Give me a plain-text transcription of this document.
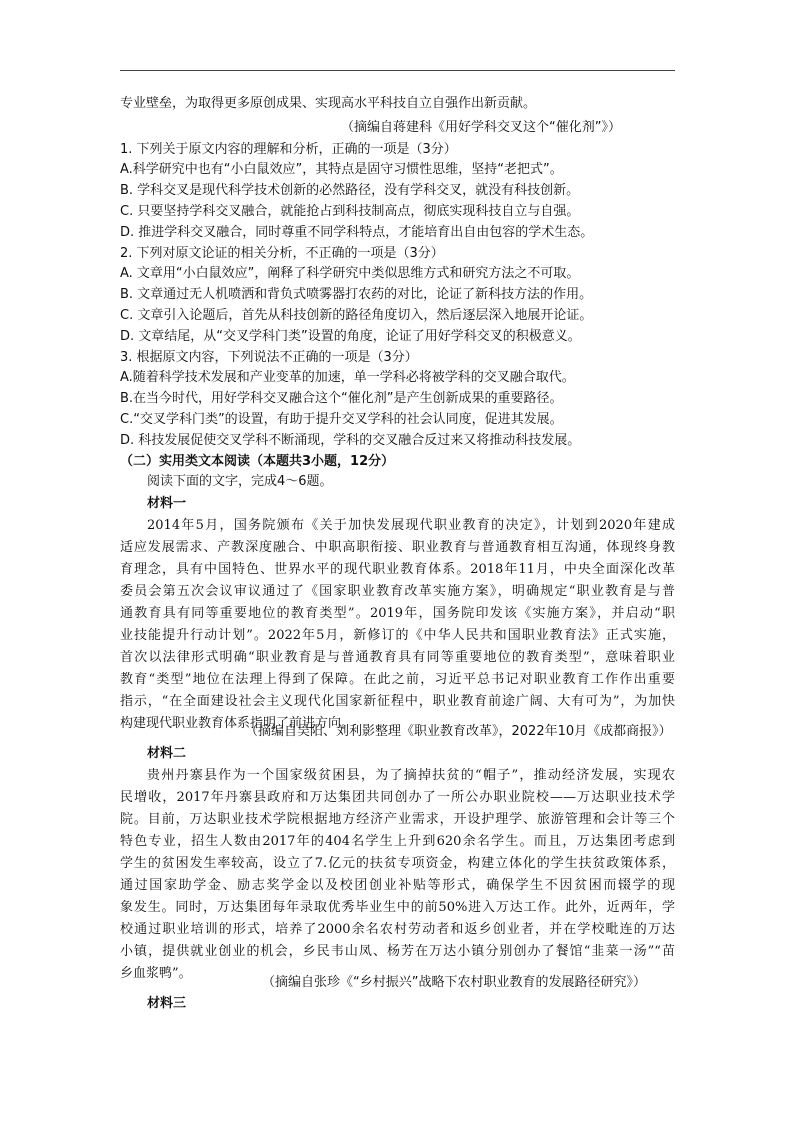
专业壁垒，为取得更多原创成果、实现高水平科技自立自强作出新贡献。
（摘编自蒋建科《用好学科交叉这个“催化剂”》）
1. 下列关于原文内容的理解和分析，正确的一项是（3分）
A.科学研究中也有“小白鼠效应”，其特点是固守习惯性思维，坚持“老把式”。
B. 学科交叉是现代科学技术创新的必然路径，没有学科交叉，就没有科技创新。
C. 只要坚持学科交叉融合，就能抢占到科技制高点，彻底实现科技自立与自强。
D. 推进学科交叉融合，同时尊重不同学科特点，才能培育出自由包容的学术生态。
2. 下列对原文论证的相关分析，不正确的一项是（3分）
A. 文章用“小白鼠效应”，阐释了科学研究中类似思维方式和研究方法之不可取。
B. 文章通过无人机喷洒和背负式喷雾器打农药的对比，论证了新科技方法的作用。
C. 文章引入论题后，首先从科技创新的路径角度切入，然后逐层深入地展开论证。
D. 文章结尾，从“交叉学科门类”设置的角度，论证了用好学科交叉的积极意义。
3. 根据原文内容，下列说法不正确的一项是（3分）
A.随着科学技术发展和产业变革的加速，单一学科必将被学科的交叉融合取代。
B.在当今时代，用好学科交叉融合这个“催化剂”是产生创新成果的重要路径。
C.“交叉学科门类”的设置，有助于提升交叉学科的社会认同度，促进其发展。
D. 科技发展促使交叉学科不断涌现，学科的交叉融合反过来又将推动科技发展。
（二）实用类文本阅读（本题共3小题，12分）
阅读下面的文字，完成4～6题。
材料一
2014年5月，国务院颁布《关于加快发展现代职业教育的决定》，计划到2020年建成
适应发展需求、产教深度融合、中职高职衔接、职业教育与普通教育相互沟通，体现终身教
育理念，具有中国特色、世界水平的现代职业教育体系。2018年11月，中央全面深化改革
委员会第五次会议审议通过了《国家职业教育改革实施方案》，明确规定“职业教育是与普
通教育具有同等重要地位的教育类型”。2019年，国务院印发该《实施方案》，并启动“职
业技能提升行动计划”。2022年5月，新修订的《中华人民共和国职业教育法》正式实施，
首次以法律形式明确“职业教育是与普通教育具有同等重要地位的教育类型”，意味着职业
教育“类型”地位在法理上得到了保障。在此之前，习近平总书记对职业教育工作作出重要
指示，“在全面建设社会主义现代化国家新征程中，职业教育前途广阔、大有可为”，为加快
构建现代职业教育体系指明了前进方向。
（摘编自吴阳、刘利影整理《职业教育改革》，2022年10月《成都商报》）
材料二
贵州丹寨县作为一个国家级贫困县，为了摘掉扶贫的“帽子”，推动经济发展，实现农
民增收，2017年丹寨县政府和万达集团共同创办了一所公办职业院校——万达职业技术学
院。目前，万达职业技术学院根据地方经济产业需求，开设护理学、旅游管理和会计等三个
特色专业，招生人数由2017年的404名学生上升到620余名学生。而且，万达集团考虑到
学生的贫困发生率较高，设立了7.亿元的扶贫专项资金，构建立体化的学生扶贫政策体系，
通过国家助学金、励志奖学金以及校团创业补贴等形式，确保学生不因贫困而辍学的现
象发生。同时，万达集团每年录取优秀毕业生中的前50%进入万达工作。此外，近两年，学
校通过职业培训的形式，培养了2000余名农村劳动者和返乡创业者，并在学校毗连的万达
小镇，提供就业创业的机会，乡民韦山凤、杨芳在万达小镇分别创办了餐馆“韭菜一汤”“苗
乡血浆鸭”。
（摘编自张珍《“乡村振兴”战略下农村职业教育的发展路径研究》）
材料三
